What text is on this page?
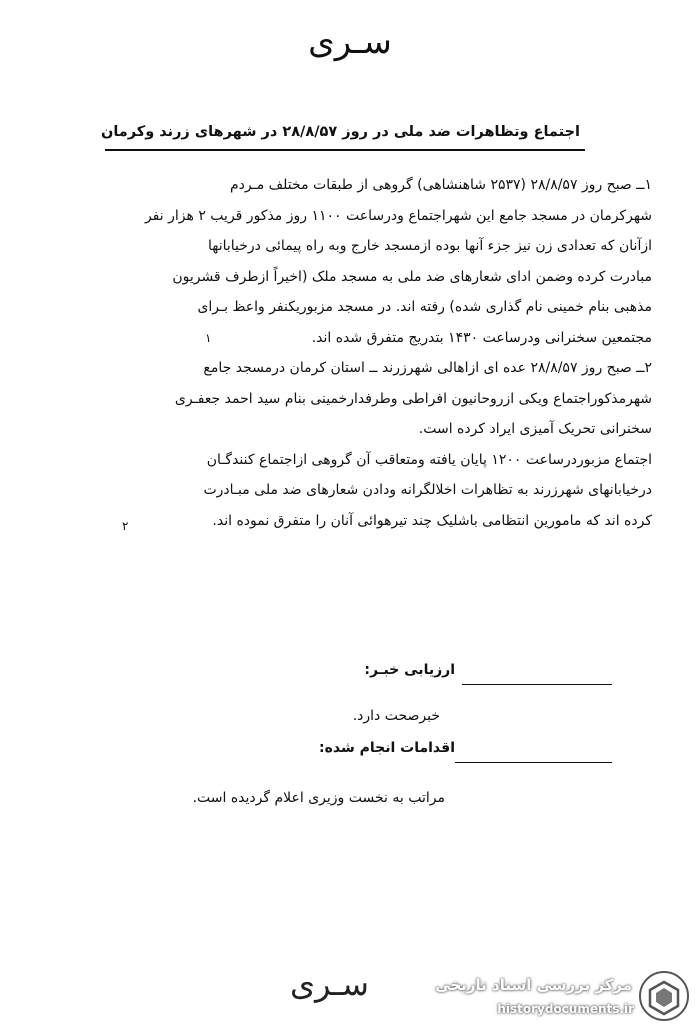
سـرى
اجتماع وتظاهرات ضد ملى در روز ۲۸/۸/۵۷ در شهرهای زرند وکرمان

۱ــ صبح روز ۲۸/۸/۵۷ (۲۵۳۷ شاهنشاهی) گروهی از طبقات مختلف مـردم

شهرکرمان در مسجد جامع این شهراجتماع ودرساعت ۱۱۰۰ روز مذکور قریب ۲ هزار نفر

ازآنان که تعدادی زن نیز جزء آنها بوده ازمسجد خارج وبه راه پیمائی درخیابانها

مبادرت کرده وضمن ادای شعارهای ضد ملی به مسجد ملک (اخیراً ازطرف قشریون

مذهبی بنام خمینی نام گذاری شده) رفته اند. در مسجد مزبوریکنفر واعظ بـرای

مجتمعین سخنرانی ودرساعت ۱۴۳۰ بتدریج متفرق شده اند.

۲ــ صبح روز ۲۸/۸/۵۷ عده ای ازاهالی شهرزرند ــ استان کرمان درمسجد جامع

شهرمذکوراجتماع ویکی ازروحانیون افراطی وطرفدارخمینی بنام سید احمد جعفـری

سخنرانی تحریک آمیزی ایراد کرده است.

اجتماع مزبوردرساعت ۱۲۰۰ پایان یافته ومتعاقب آن گروهی ازاجتماع کنندگـان

درخیابانهای شهرزرند به تظاهرات اخلالگرانه ودادن شعارهای ضد ملی مبـادرت

کرده اند که مامورین انتظامی باشلیک چند تیرهوائی آنان را متفرق نموده اند.

۱
۲
ارزیابی خبـر:
خبرصحت دارد.
اقدامات انجام شده:
مراتب به نخست وزیری اعلام گردیده است.
سـرى	مرکز بررسی اسناد تاریخی
historydocuments.ir
